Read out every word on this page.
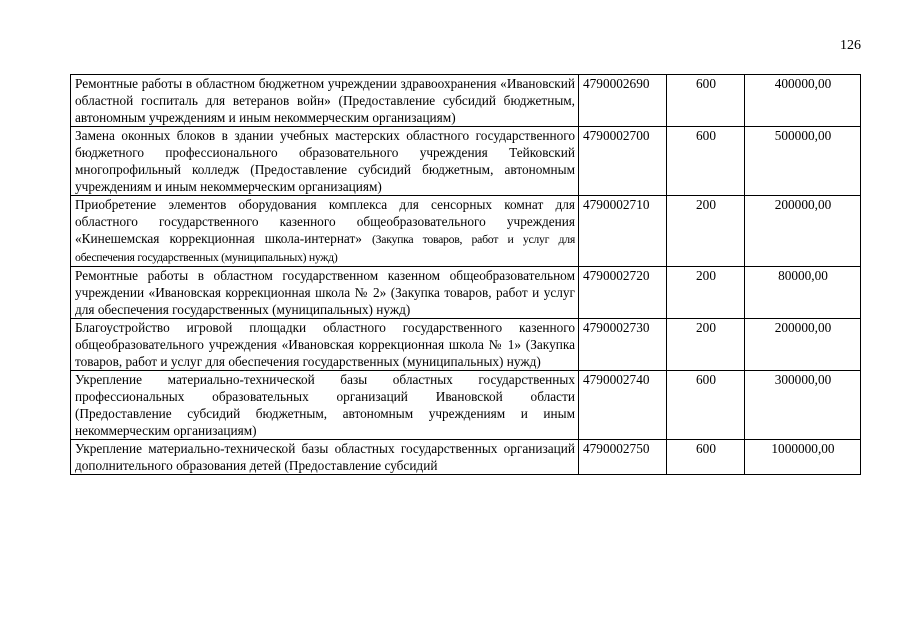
126
Ремонтные работы в областном бюджетном учреждении здравоохранения «Ивановский областной госпиталь для ветеранов войн» (Предоставление субсидий бюджетным, автономным учреждениям и иным некоммерческим организациям)	4790002690	600	400000,00
Замена оконных блоков в здании учебных мастерских областного государственного бюджетного профессионального образовательного учреждения Тейковский многопрофильный колледж (Предоставление субсидий бюджетным, автономным учреждениям и иным некоммерческим организациям)	4790002700	600	500000,00
Приобретение элементов оборудования комплекса для сенсорных комнат для областного государственного казенного общеобразовательного учреждения «Кинешемская коррекционная школа-интернат» (Закупка товаров, работ и услуг для обеспечения государственных (муниципальных) нужд)	4790002710	200	200000,00
Ремонтные работы в областном государственном казенном общеобразовательном учреждении «Ивановская коррекционная школа № 2» (Закупка товаров, работ и услуг для обеспечения государственных (муниципальных) нужд)	4790002720	200	80000,00
Благоустройство игровой площадки областного государственного казенного общеобразовательного учреждения «Ивановская коррекционная школа № 1» (Закупка товаров, работ и услуг для обеспечения государственных (муниципальных) нужд)	4790002730	200	200000,00
Укрепление материально-технической базы областных государственных профессиональных образовательных организаций Ивановской области (Предоставление субсидий бюджетным, автономным учреждениям и иным некоммерческим организациям)	4790002740	600	300000,00
Укрепление материально-технической базы областных государственных организаций дополнительного образования детей (Предоставление субсидий	4790002750	600	1000000,00
